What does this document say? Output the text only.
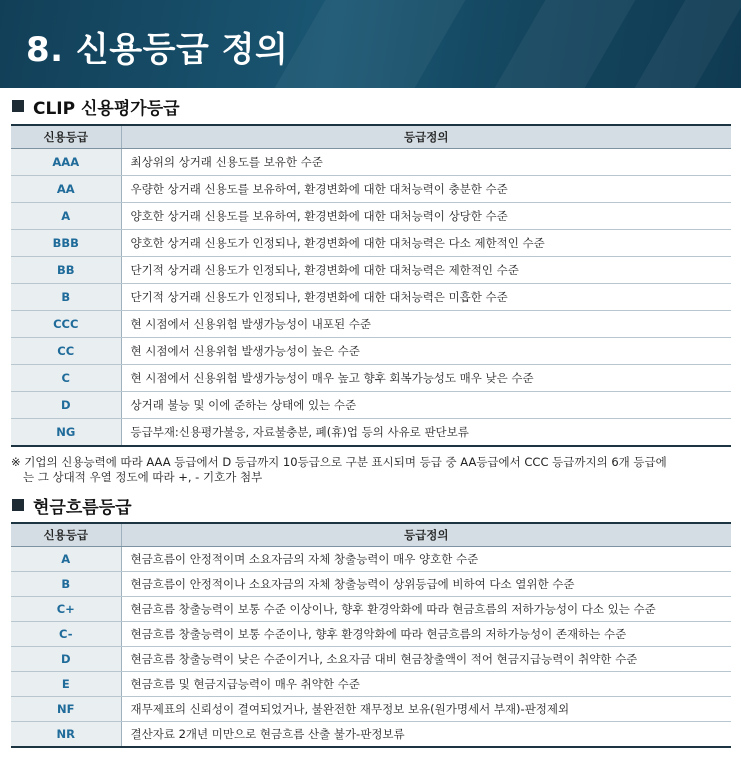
8. 신용등급 정의
CLIP 신용평가등급
신용등급	등급정의
AAA	최상위의 상거래 신용도를 보유한 수준
AA	우량한 상거래 신용도를 보유하여, 환경변화에 대한 대처능력이 충분한 수준
A	양호한 상거래 신용도를 보유하여, 환경변화에 대한 대처능력이 상당한 수준
BBB	양호한 상거래 신용도가 인정되나, 환경변화에 대한 대처능력은 다소 제한적인 수준
BB	단기적 상거래 신용도가 인정되나, 환경변화에 대한 대처능력은 제한적인 수준
B	단기적 상거래 신용도가 인정되나, 환경변화에 대한 대처능력은 미흡한 수준
CCC	현 시점에서 신용위험 발생가능성이 내포된 수준
CC	현 시점에서 신용위험 발생가능성이 높은 수준
C	현 시점에서 신용위험 발생가능성이 매우 높고 향후 회복가능성도 매우 낮은 수준
D	상거래 불능 및 이에 준하는 상태에 있는 수준
NG	등급부재:신용평가불응, 자료불충분, 폐(휴)업 등의 사유로 판단보류
※ 기업의 신용능력에 따라 AAA 등급에서 D 등급까지 10등급으로 구분 표시되며 등급 중 AA등급에서 CCC 등급까지의 6개 등급에
는 그 상대적 우열 정도에 따라 +, - 기호가 첨부
현금흐름등급
신용등급	등급정의
A	현금흐름이 안정적이며 소요자금의 자체 창출능력이 매우 양호한 수준
B	현금흐름이 안정적이나 소요자금의 자체 창출능력이 상위등급에 비하여 다소 열위한 수준
C+	현금흐름 창출능력이 보통 수준 이상이나, 향후 환경악화에 따라 현금흐름의 저하가능성이 다소 있는 수준
C-	현금흐름 창출능력이 보통 수준이나, 향후 환경악화에 따라 현금흐름의 저하가능성이 존재하는 수준
D	현금흐름 창출능력이 낮은 수준이거나, 소요자금 대비 현금창출액이 적어 현금지급능력이 취약한 수준
E	현금흐름 및 현금지급능력이 매우 취약한 수준
NF	재무제표의 신뢰성이 결여되었거나, 불완전한 재무정보 보유(원가명세서 부재)-판정제외
NR	결산자료 2개년 미만으로 현금흐름 산출 불가-판정보류
